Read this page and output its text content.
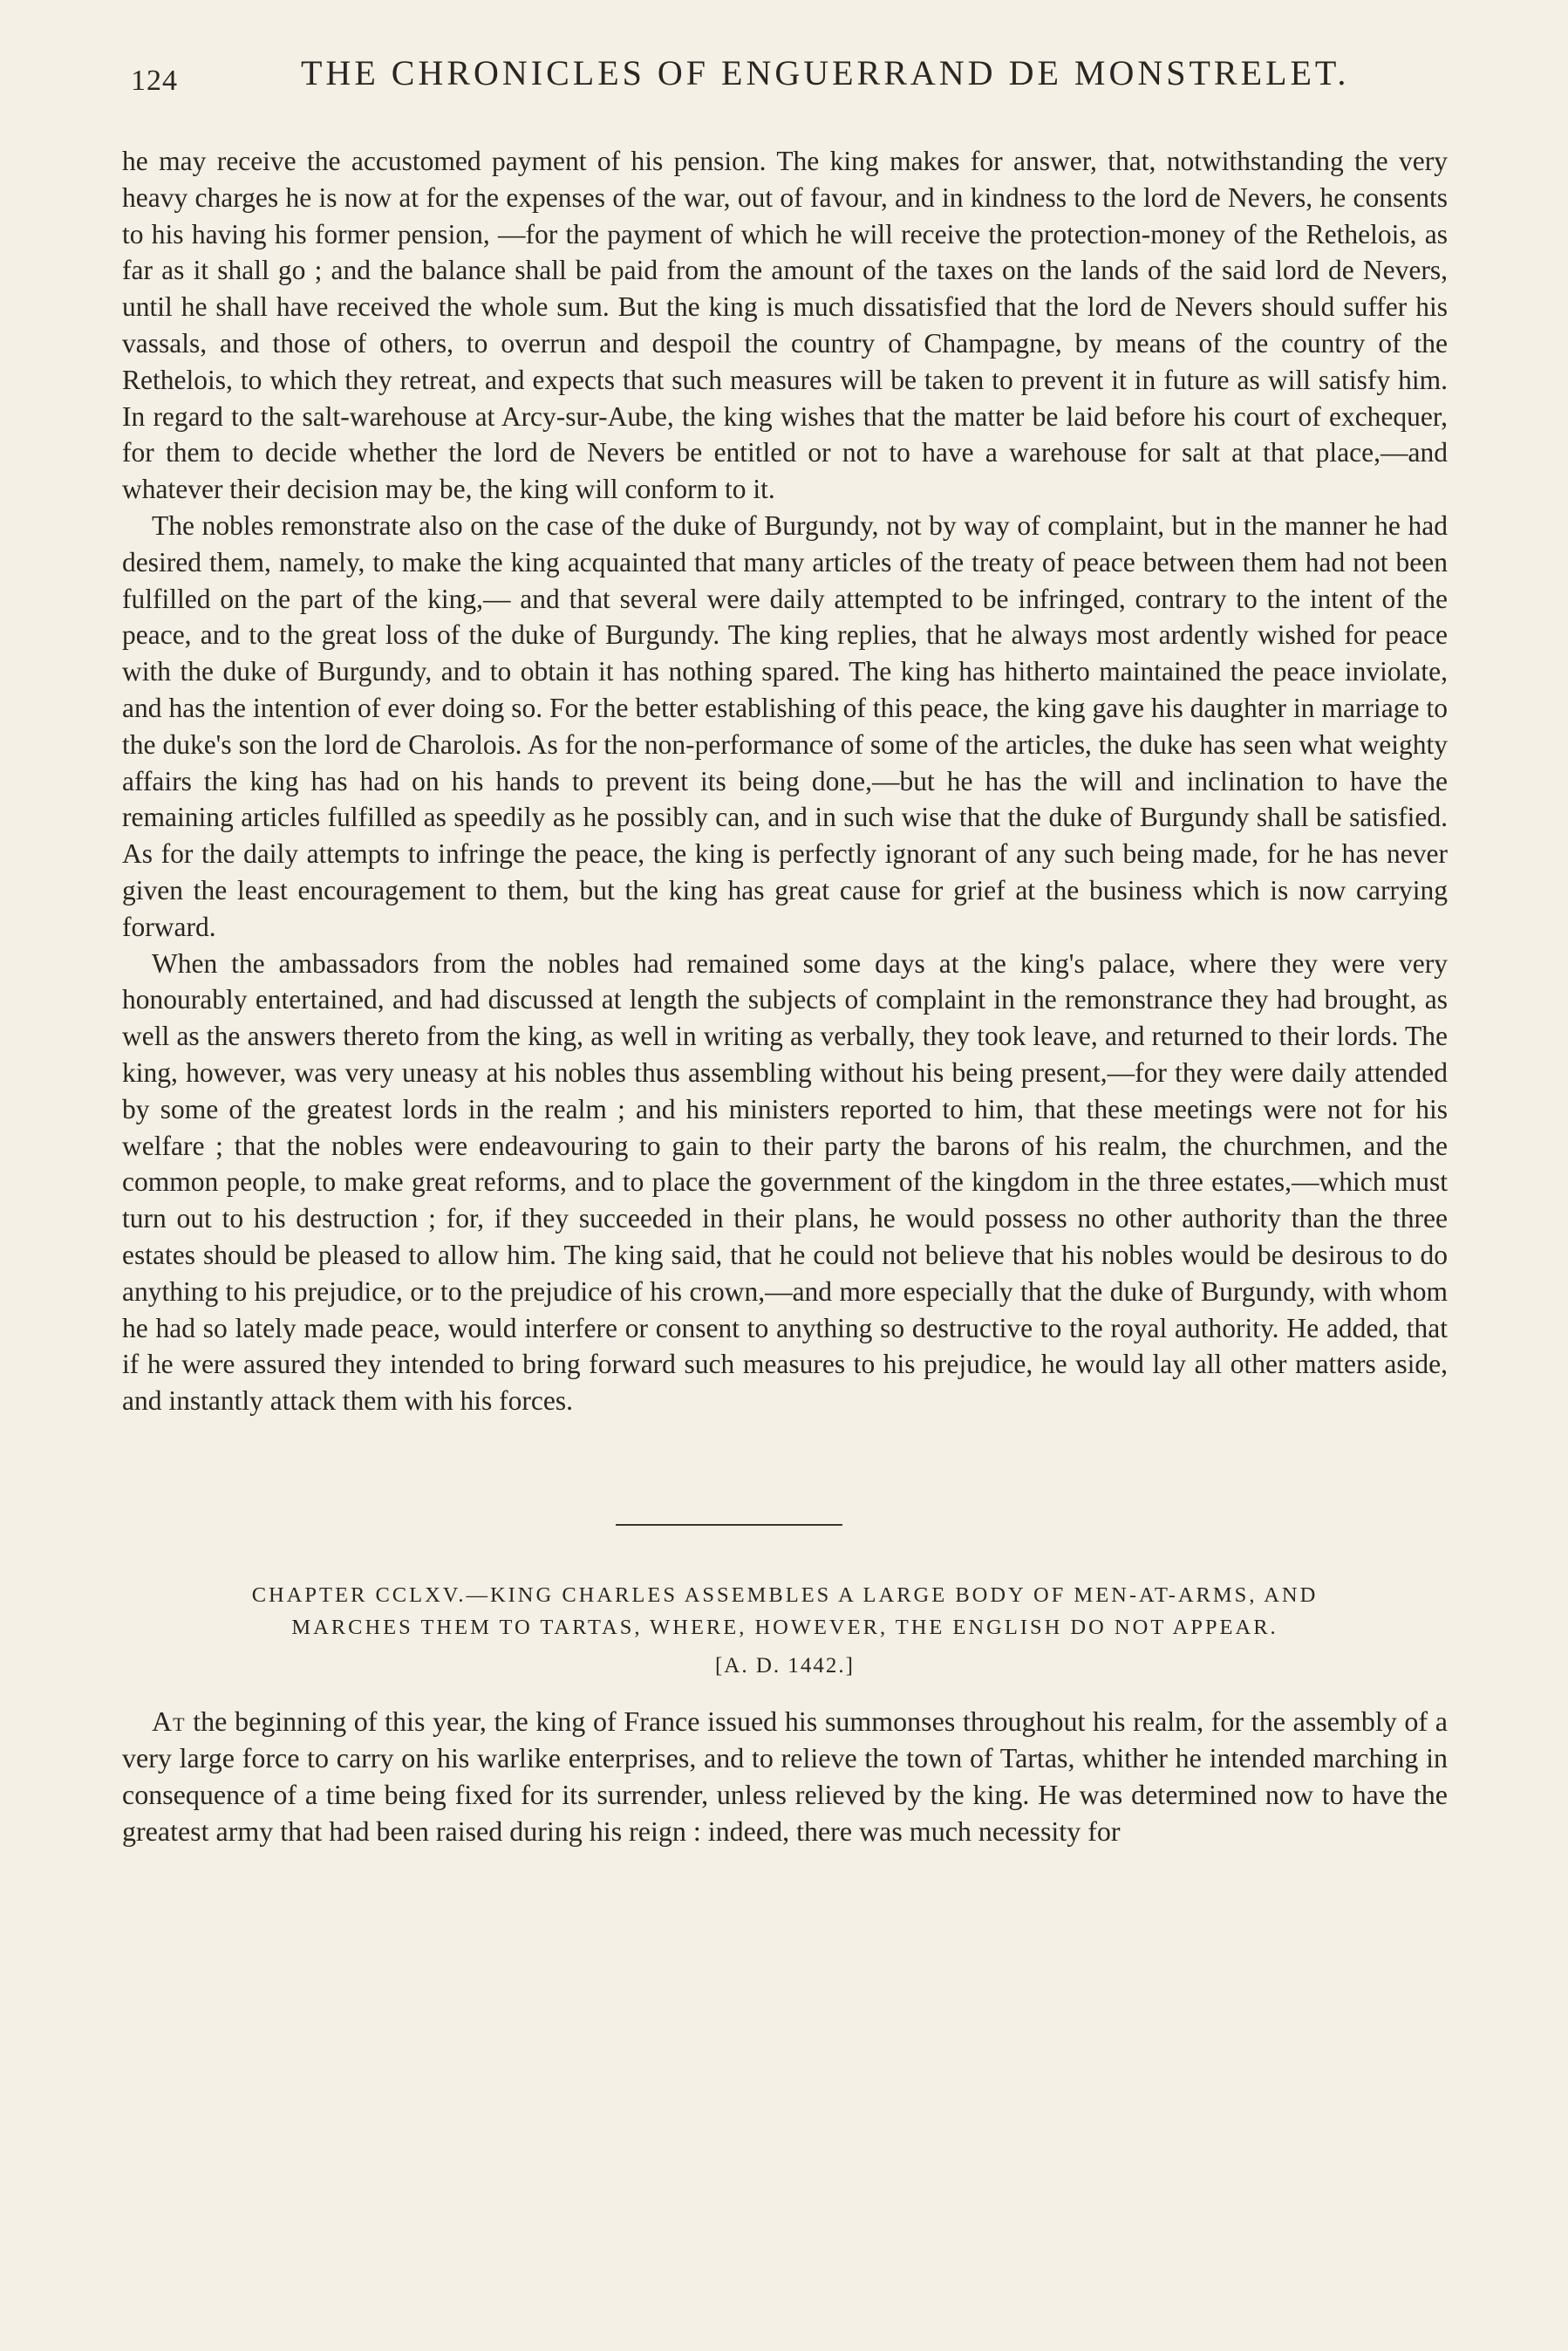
124	THE CHRONICLES OF ENGUERRAND DE MONSTRELET.

he may receive the accustomed payment of his pension. The king makes for answer, that, notwithstanding the very heavy charges he is now at for the expenses of the war, out of favour, and in kindness to the lord de Nevers, he consents to his having his former pension, —for the payment of which he will receive the protection-money of the Rethelois, as far as it shall go ; and the balance shall be paid from the amount of the taxes on the lands of the said lord de Nevers, until he shall have received the whole sum. But the king is much dissatisfied that the lord de Nevers should suffer his vassals, and those of others, to overrun and despoil the country of Champagne, by means of the country of the Rethelois, to which they retreat, and expects that such measures will be taken to prevent it in future as will satisfy him. In regard to the salt-warehouse at Arcy-sur-Aube, the king wishes that the matter be laid before his court of exchequer, for them to decide whether the lord de Nevers be entitled or not to have a warehouse for salt at that place,—and whatever their decision may be, the king will conform to it.

The nobles remonstrate also on the case of the duke of Burgundy, not by way of complaint, but in the manner he had desired them, namely, to make the king acquainted that many articles of the treaty of peace between them had not been fulfilled on the part of the king,— and that several were daily attempted to be infringed, contrary to the intent of the peace, and to the great loss of the duke of Burgundy. The king replies, that he always most ardently wished for peace with the duke of Burgundy, and to obtain it has nothing spared. The king has hitherto maintained the peace inviolate, and has the intention of ever doing so. For the better establishing of this peace, the king gave his daughter in marriage to the duke's son the lord de Charolois. As for the non-performance of some of the articles, the duke has seen what weighty affairs the king has had on his hands to prevent its being done,—but he has the will and inclination to have the remaining articles fulfilled as speedily as he possibly can, and in such wise that the duke of Burgundy shall be satisfied. As for the daily attempts to infringe the peace, the king is perfectly ignorant of any such being made, for he has never given the least encouragement to them, but the king has great cause for grief at the business which is now carrying forward.

When the ambassadors from the nobles had remained some days at the king's palace, where they were very honourably entertained, and had discussed at length the subjects of complaint in the remonstrance they had brought, as well as the answers thereto from the king, as well in writing as verbally, they took leave, and returned to their lords. The king, however, was very uneasy at his nobles thus assembling without his being present,—for they were daily attended by some of the greatest lords in the realm ; and his ministers reported to him, that these meetings were not for his welfare ; that the nobles were endeavouring to gain to their party the barons of his realm, the churchmen, and the common people, to make great reforms, and to place the government of the kingdom in the three estates,—which must turn out to his destruction ; for, if they succeeded in their plans, he would possess no other authority than the three estates should be pleased to allow him. The king said, that he could not believe that his nobles would be desirous to do anything to his prejudice, or to the prejudice of his crown,—and more especially that the duke of Burgundy, with whom he had so lately made peace, would interfere or consent to anything so destructive to the royal authority. He added, that if he were assured they intended to bring forward such measures to his prejudice, he would lay all other matters aside, and instantly attack them with his forces.

CHAPTER CCLXV.—KING CHARLES ASSEMBLES A LARGE BODY OF MEN-AT-ARMS, AND
MARCHES THEM TO TARTAS, WHERE, HOWEVER, THE ENGLISH DO NOT APPEAR.
[A. D. 1442.]

At the beginning of this year, the king of France issued his summonses throughout his realm, for the assembly of a very large force to carry on his warlike enterprises, and to relieve the town of Tartas, whither he intended marching in consequence of a time being fixed for its surrender, unless relieved by the king. He was determined now to have the greatest army that had been raised during his reign : indeed, there was much necessity for
